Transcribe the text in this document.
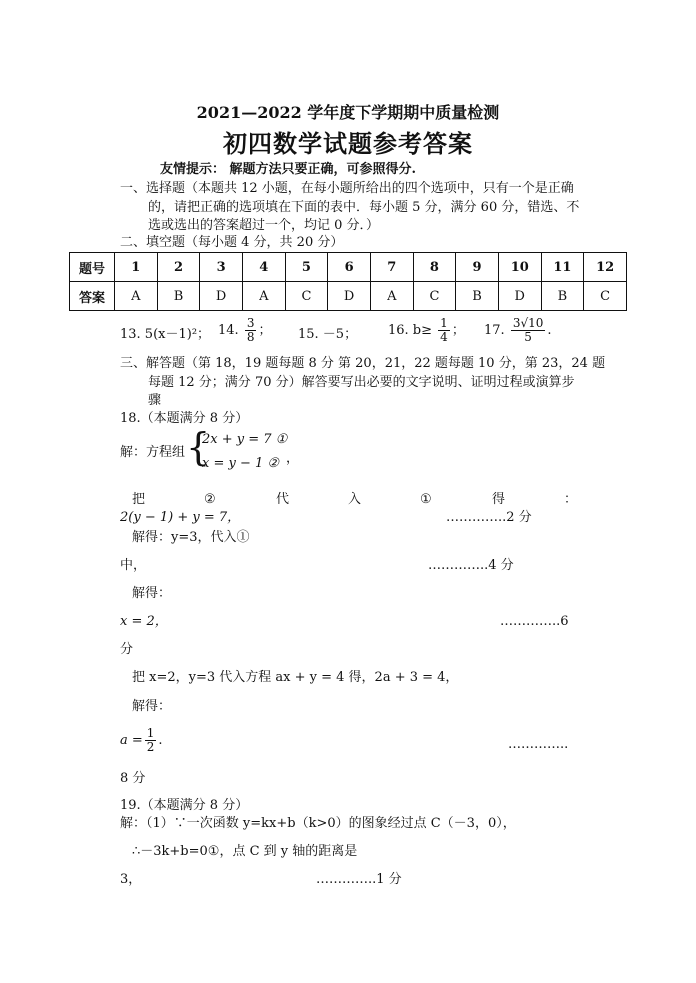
2021—2022 学年度下学期期中质量检测
初四数学试题参考答案
友情提示： 解题方法只要正确，可参照得分.
一、选择题（本题共 12 小题，在每小题所给出的四个选项中，只有一个是正确
的，请把正确的选项填在下面的表中．每小题 5 分，满分 60 分，错选、不
选或选出的答案超过一个，均记 0 分．）
二、填空题（每小题 4 分，共 20 分）
题号	1	2	3	4	5	6	7	8	9	10	11	12
答案	A	B	D	A	C	D	A	C	B	D	B	C
13. 5(x－1)²； 14. $\frac{3}{8}$ ； 15. －5； 16. $b\ge \frac{1}{4}$ ； 17. $\frac{3√10}{5}$ .
三、解答题（第 18，19 题每题 8 分 第 20，21，22 题每题 10 分，第 23，24 题
每题 12 分；满分 70 分）解答要写出必要的文字说明、证明过程或演算步
骤
18.（本题满分 8 分）
解：方程组 {
2x + y = 7 ①
x = y − 1 ② ，
把	②	代	入	①	得	：
2(y − 1) + y = 7，	…………..2 分
解得：y=3，代入①
中，	…………..4 分
解得：
x = 2，	…………..6
分
把 x=2，y=3 代入方程 ax + y = 4 得，2a + 3 = 4，
解得：
$a = \frac{1}{2}$ .	…………..
8 分
19.（本题满分 8 分）
解：（1）∵一次函数 y=kx+b（k>0）的图象经过点 C（－3，0），
∴－3k+b=0①，点 C 到 y 轴的距离是
3，	…………..1 分
